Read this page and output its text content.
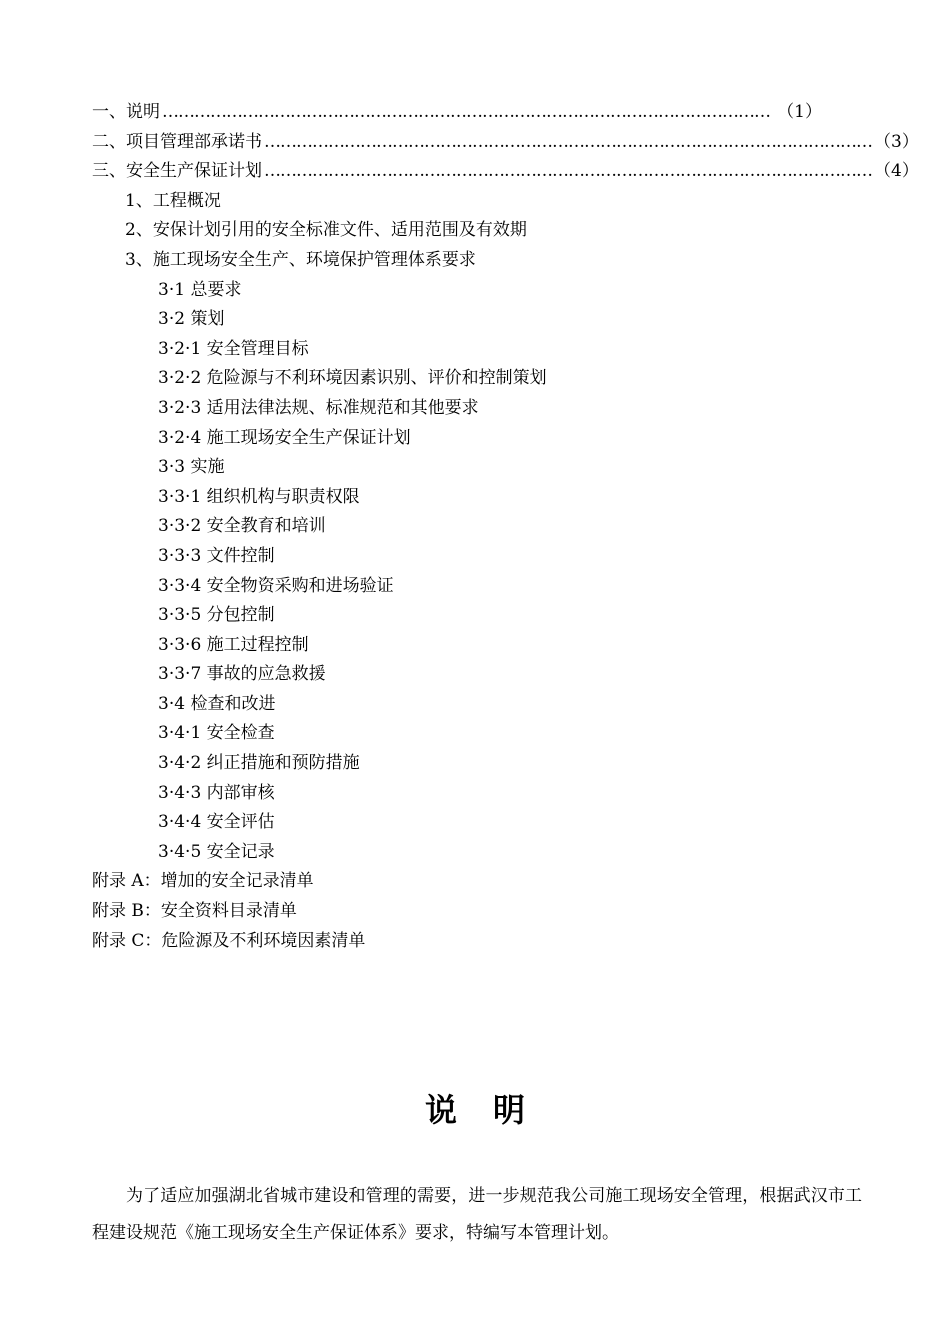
一、说明 …………………………………………………………………………………………………… （1）
二、项目管理部承诺书 …………………………………………………………………………………………………… （3）
三、安全生产保证计划 …………………………………………………………………………………………………… （4）
1、工程概况
2、安保计划引用的安全标准文件、适用范围及有效期
3、施工现场安全生产、环境保护管理体系要求
3·1 总要求
3·2 策划
3·2·1 安全管理目标
3·2·2 危险源与不利环境因素识别、评价和控制策划
3·2·3 适用法律法规、标准规范和其他要求
3·2·4 施工现场安全生产保证计划
3·3 实施
3·3·1 组织机构与职责权限
3·3·2 安全教育和培训
3·3·3 文件控制
3·3·4 安全物资采购和进场验证
3·3·5 分包控制
3·3·6 施工过程控制
3·3·7 事故的应急救援
3·4 检查和改进
3·4·1 安全检查
3·4·2 纠正措施和预防措施
3·4·3 内部审核
3·4·4 安全评估
3·4·5 安全记录
附录 A：增加的安全记录清单
附录 B：安全资料目录清单
附录 C：危险源及不利环境因素清单
说明
为了适应加强湖北省城市建设和管理的需要，进一步规范我公司施工现场安全管理，根据武汉市工程建设规范《施工现场安全生产保证体系》要求，特编写本管理计划。
